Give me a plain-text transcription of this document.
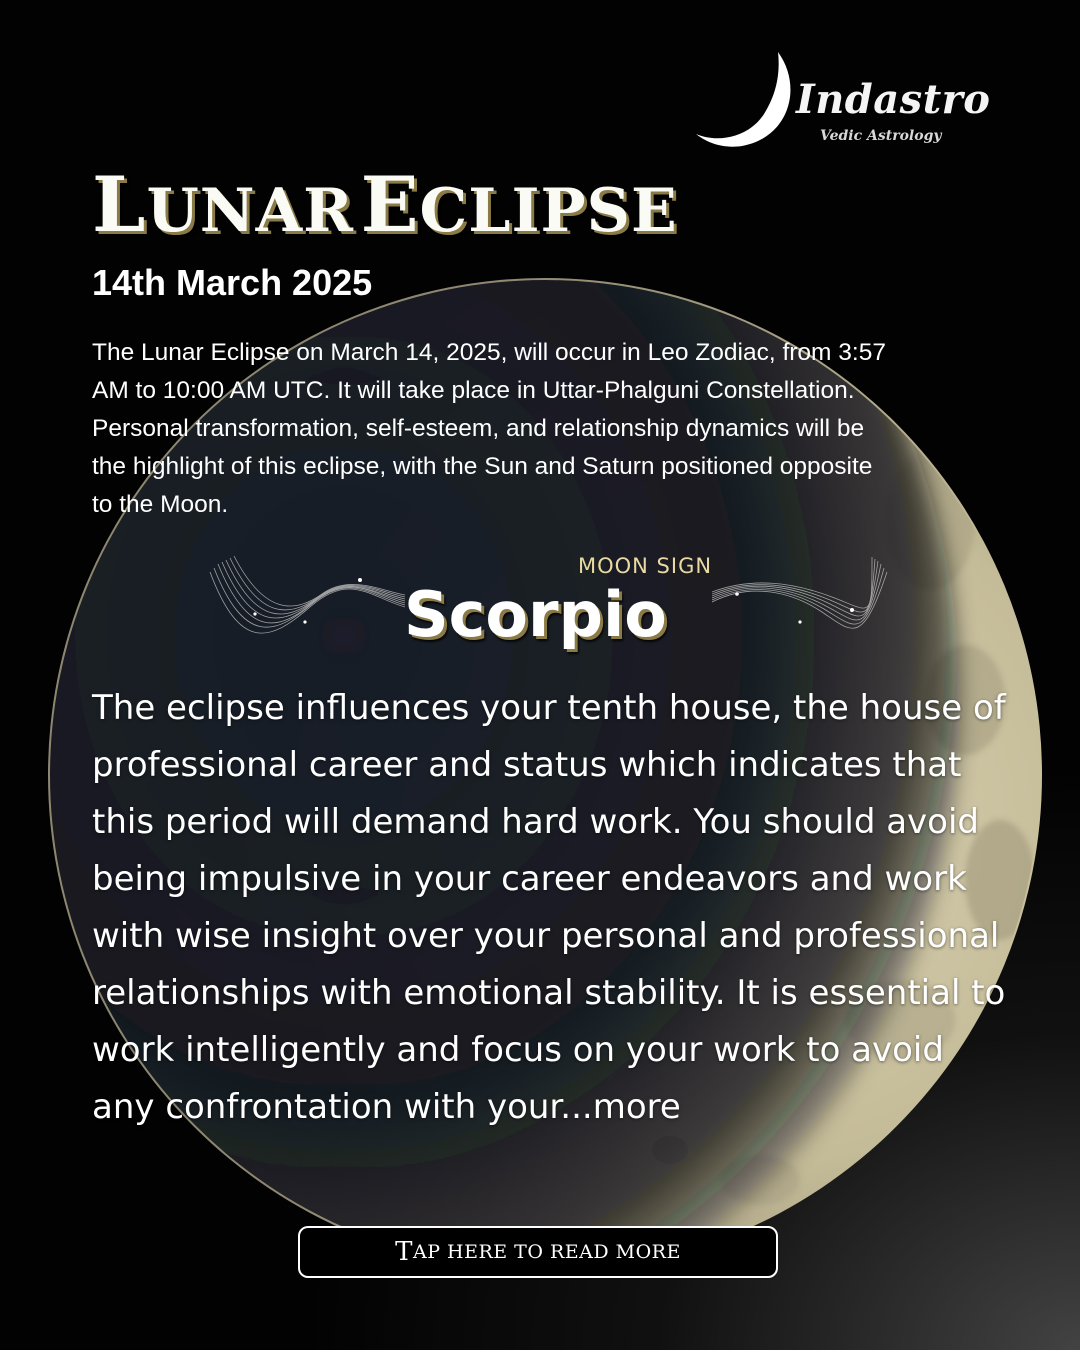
Indastro
Vedic Astrology
LUNAR ECLIPSE
14th March 2025
The Lunar Eclipse on March 14, 2025, will occur in Leo Zodiac, from 3:57 AM to 10:00 AM UTC. It will take place in Uttar-Phalguni Constellation. Personal transformation, self-esteem, and relationship dynamics will be the highlight of this eclipse, with the Sun and Saturn positioned opposite to the Moon.
MOON SIGN
Scorpio
The eclipse influences your tenth house, the house of professional career and status which indicates that this period will demand hard work. You should avoid being impulsive in your career endeavors and work with wise insight over your personal and professional relationships with emotional stability. It is essential to work intelligently and focus on your work to avoid any confrontation with your...more
T AP HERE TO READ MORE
